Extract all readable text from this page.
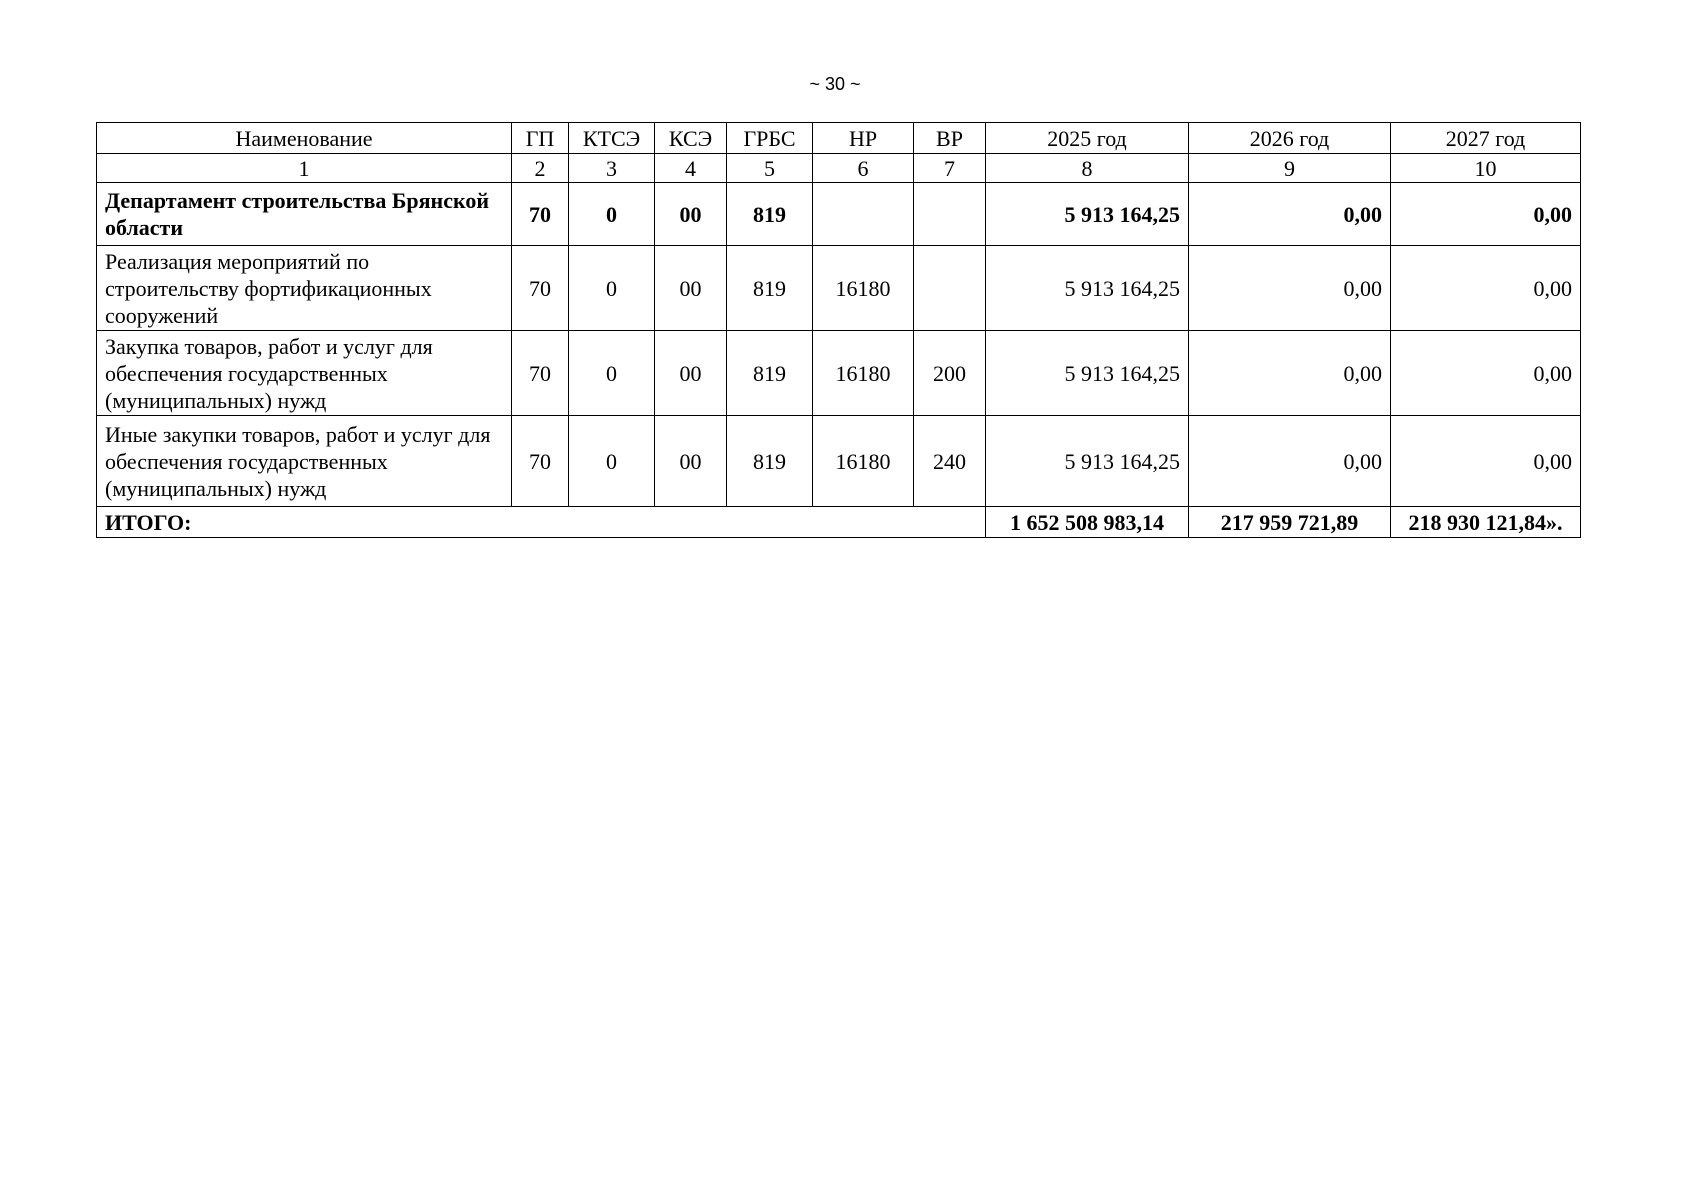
~ 30 ~
Наименование	ГП	КТСЭ	КСЭ	ГРБС	НР	ВР	2025 год	2026 год	2027 год
1	2	3	4	5	6	7	8	9	10
Департамент строительства Брянской области	70	0	00	819			5 913 164,25	0,00	0,00
Реализация мероприятий по строительству фортификационных сооружений	70	0	00	819	16180		5 913 164,25	0,00	0,00
Закупка товаров, работ и услуг для обеспечения государственных (муниципальных) нужд	70	0	00	819	16180	200	5 913 164,25	0,00	0,00
Иные закупки товаров, работ и услуг для обеспечения государственных (муниципальных) нужд	70	0	00	819	16180	240	5 913 164,25	0,00	0,00
ИТОГО:							1 652 508 983,14	217 959 721,89	218 930 121,84».
